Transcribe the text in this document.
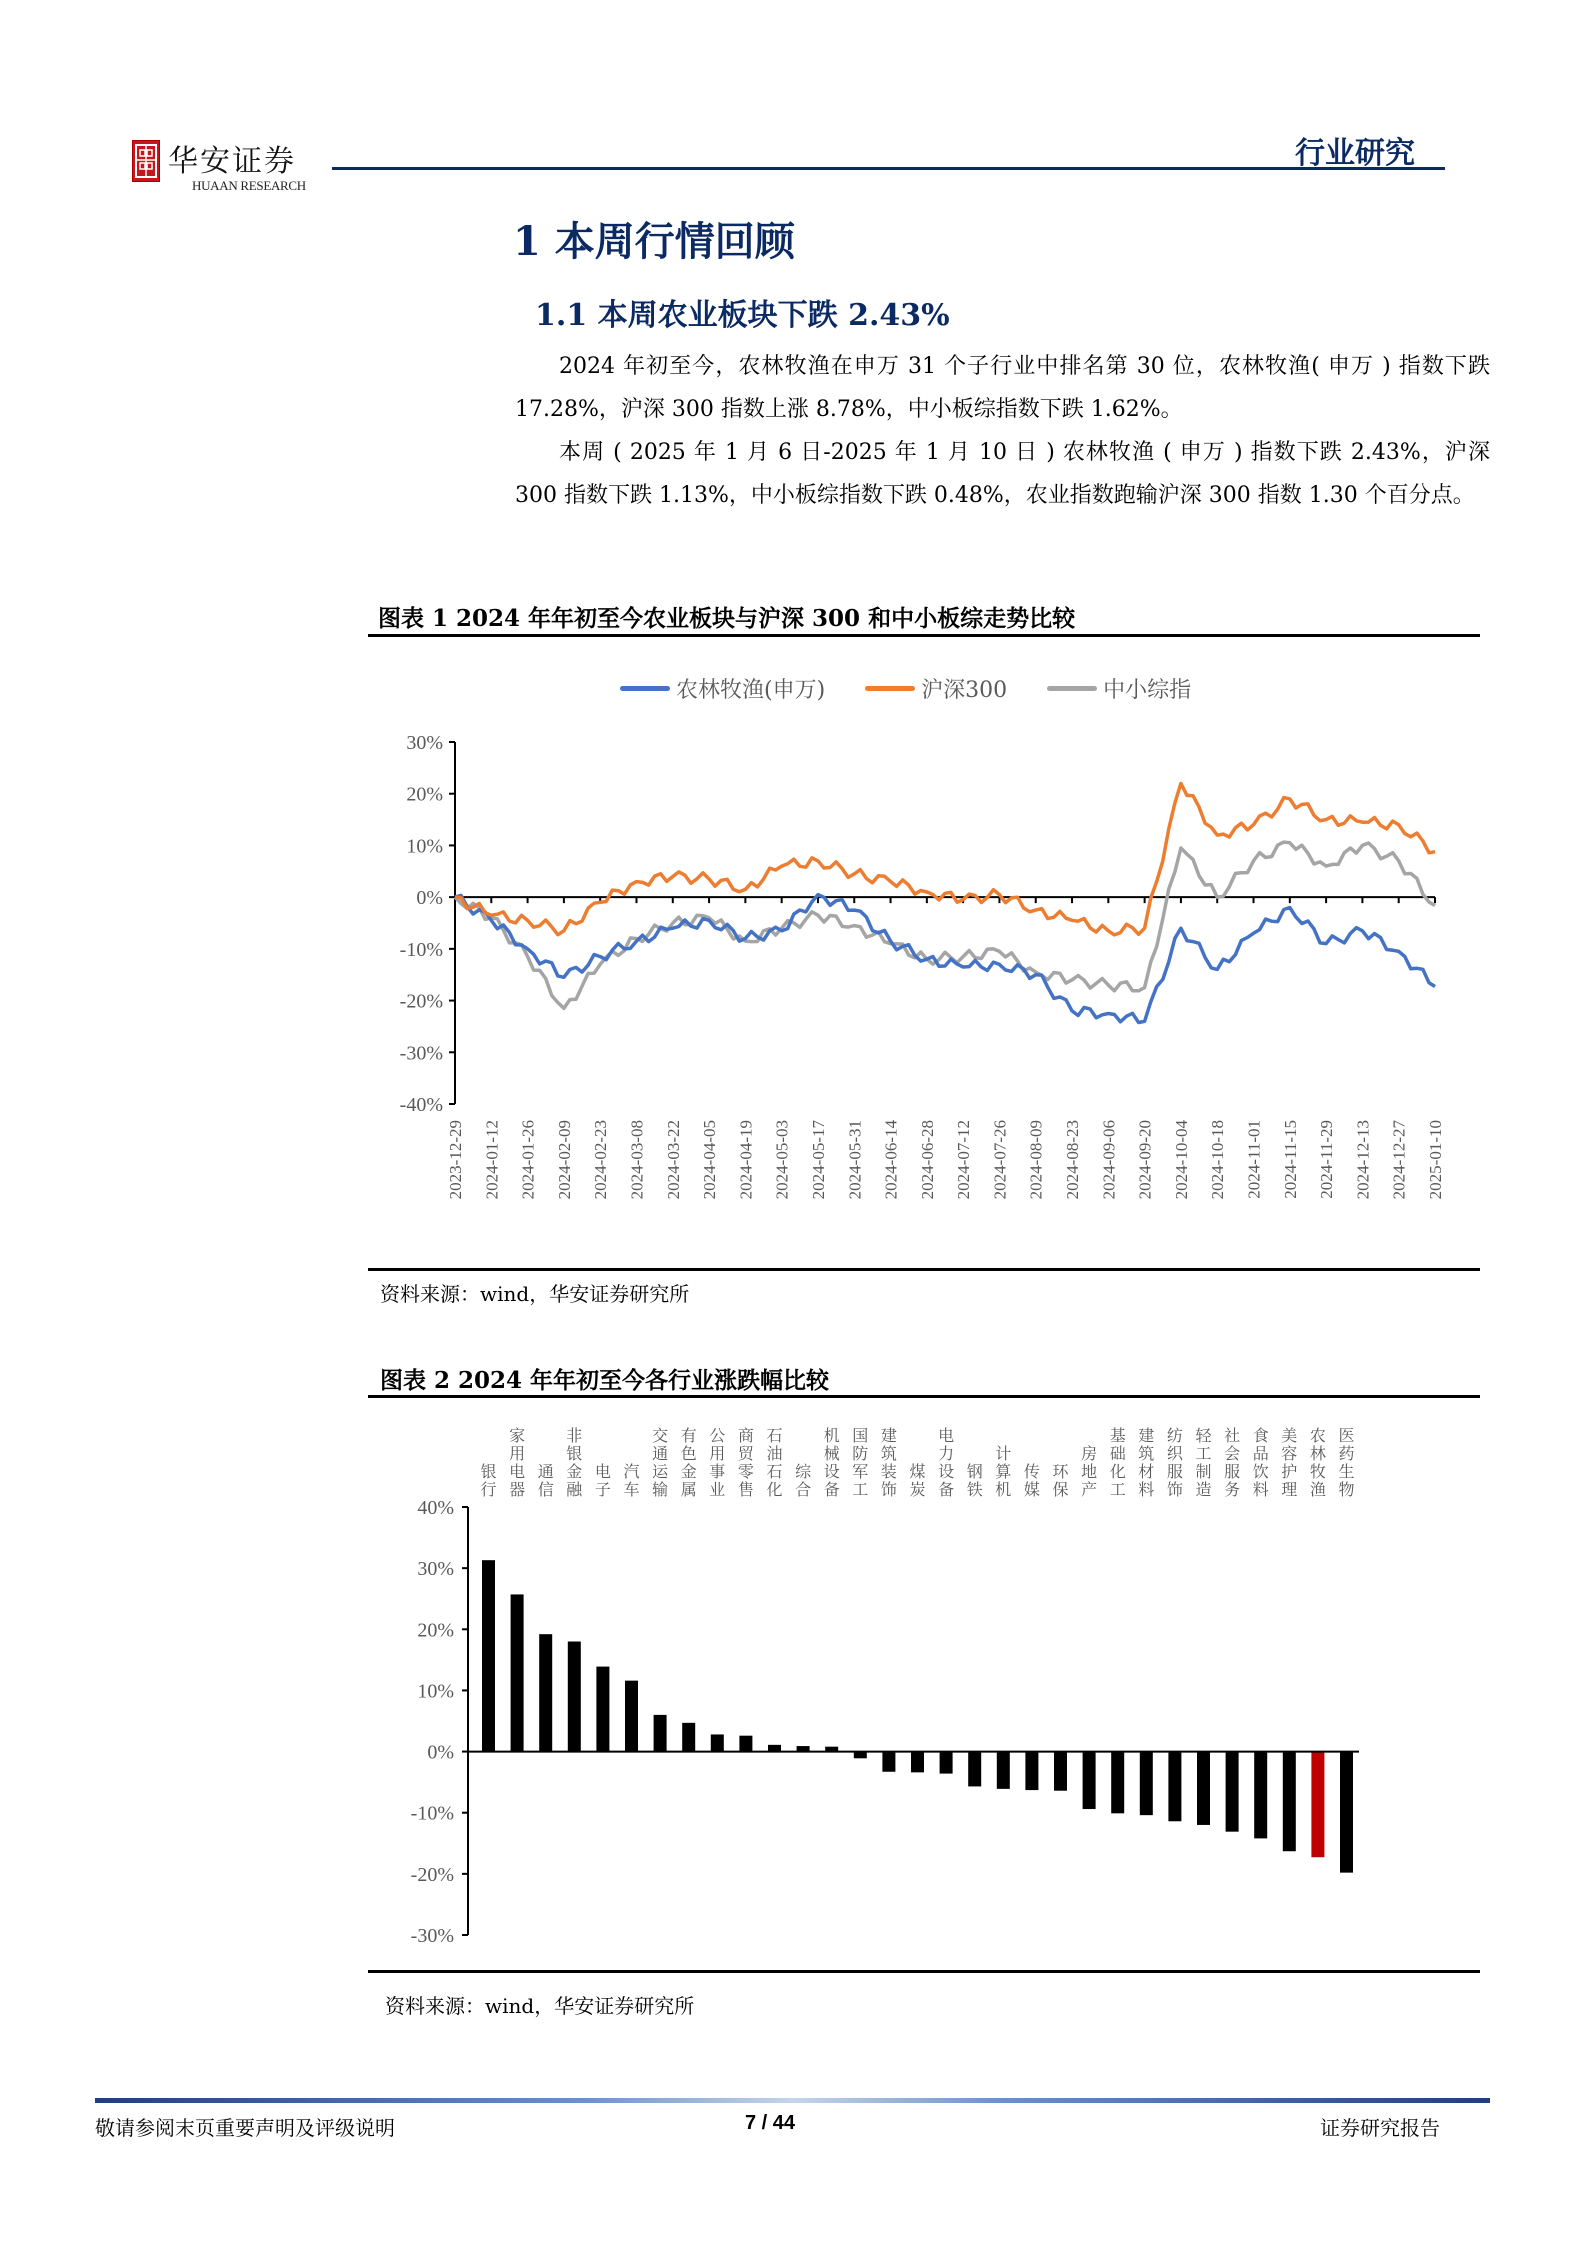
华安证券
HUAAN RESEARCH
行业研究
1 本周行情回顾
1.1 本周农业板块下跌 2.43%
2024 年初至今，农林牧渔在申万 31 个子行业中排名第 30 位，农林牧渔( 申万 ) 指数下跌 17.28%，沪深 300 指数上涨 8.78%，中小板综指数下跌 1.62%。
本周 ( 2025 年 1 月 6 日-2025 年 1 月 10 日 ) 农林牧渔 ( 申万 ) 指数下跌 2.43%，沪深 300 指数下跌 1.13%，中小板综指数下跌 0.48%，农业指数跑输沪深 300 指数 1.30 个百分点。
图表 1 2024 年年初至今农业板块与沪深 300 和中小板综走势比较
农林牧渔(申万)	沪深300	中小综指
30%
20%
10%
0%
-10%
-20%
-30%
-40%
2023-12-29 2024-01-12 2024-01-26 2024-02-09 2024-02-23 2024-03-08 2024-03-22 2024-04-05 2024-04-19 2024-05-03 2024-05-17 2024-05-31 2024-06-14 2024-06-28 2024-07-12 2024-07-26 2024-08-09 2024-08-23 2024-09-06 2024-09-20 2024-10-04 2024-10-18 2024-11-01 2024-11-15 2024-11-29 2024-12-13 2024-12-27 2025-01-10
资料来源：wind，华安证券研究所
图表 2 2024 年年初至今各行业涨跌幅比较
40%
30%
20%
10%
0%
-10%
-20%
-30%
银
行
家
用
电
器
通
信
非
银
金
融
电
子
汽
车
交
通
运
输
有
色
金
属
公
用
事
业
商
贸
零
售
石
油
石
化
综
合
机
械
设
备
国
防
军
工
建
筑
装
饰
煤
炭
电
力
设
备
钢
铁
计
算
机
传
媒
环
保
房
地
产
基
础
化
工
建
筑
材
料
纺
织
服
饰
轻
工
制
造
社
会
服
务
食
品
饮
料
美
容
护
理
农
林
牧
渔
医
药
生
物
资料来源：wind，华安证券研究所
敬请参阅末页重要声明及评级说明	7 / 44	证券研究报告
